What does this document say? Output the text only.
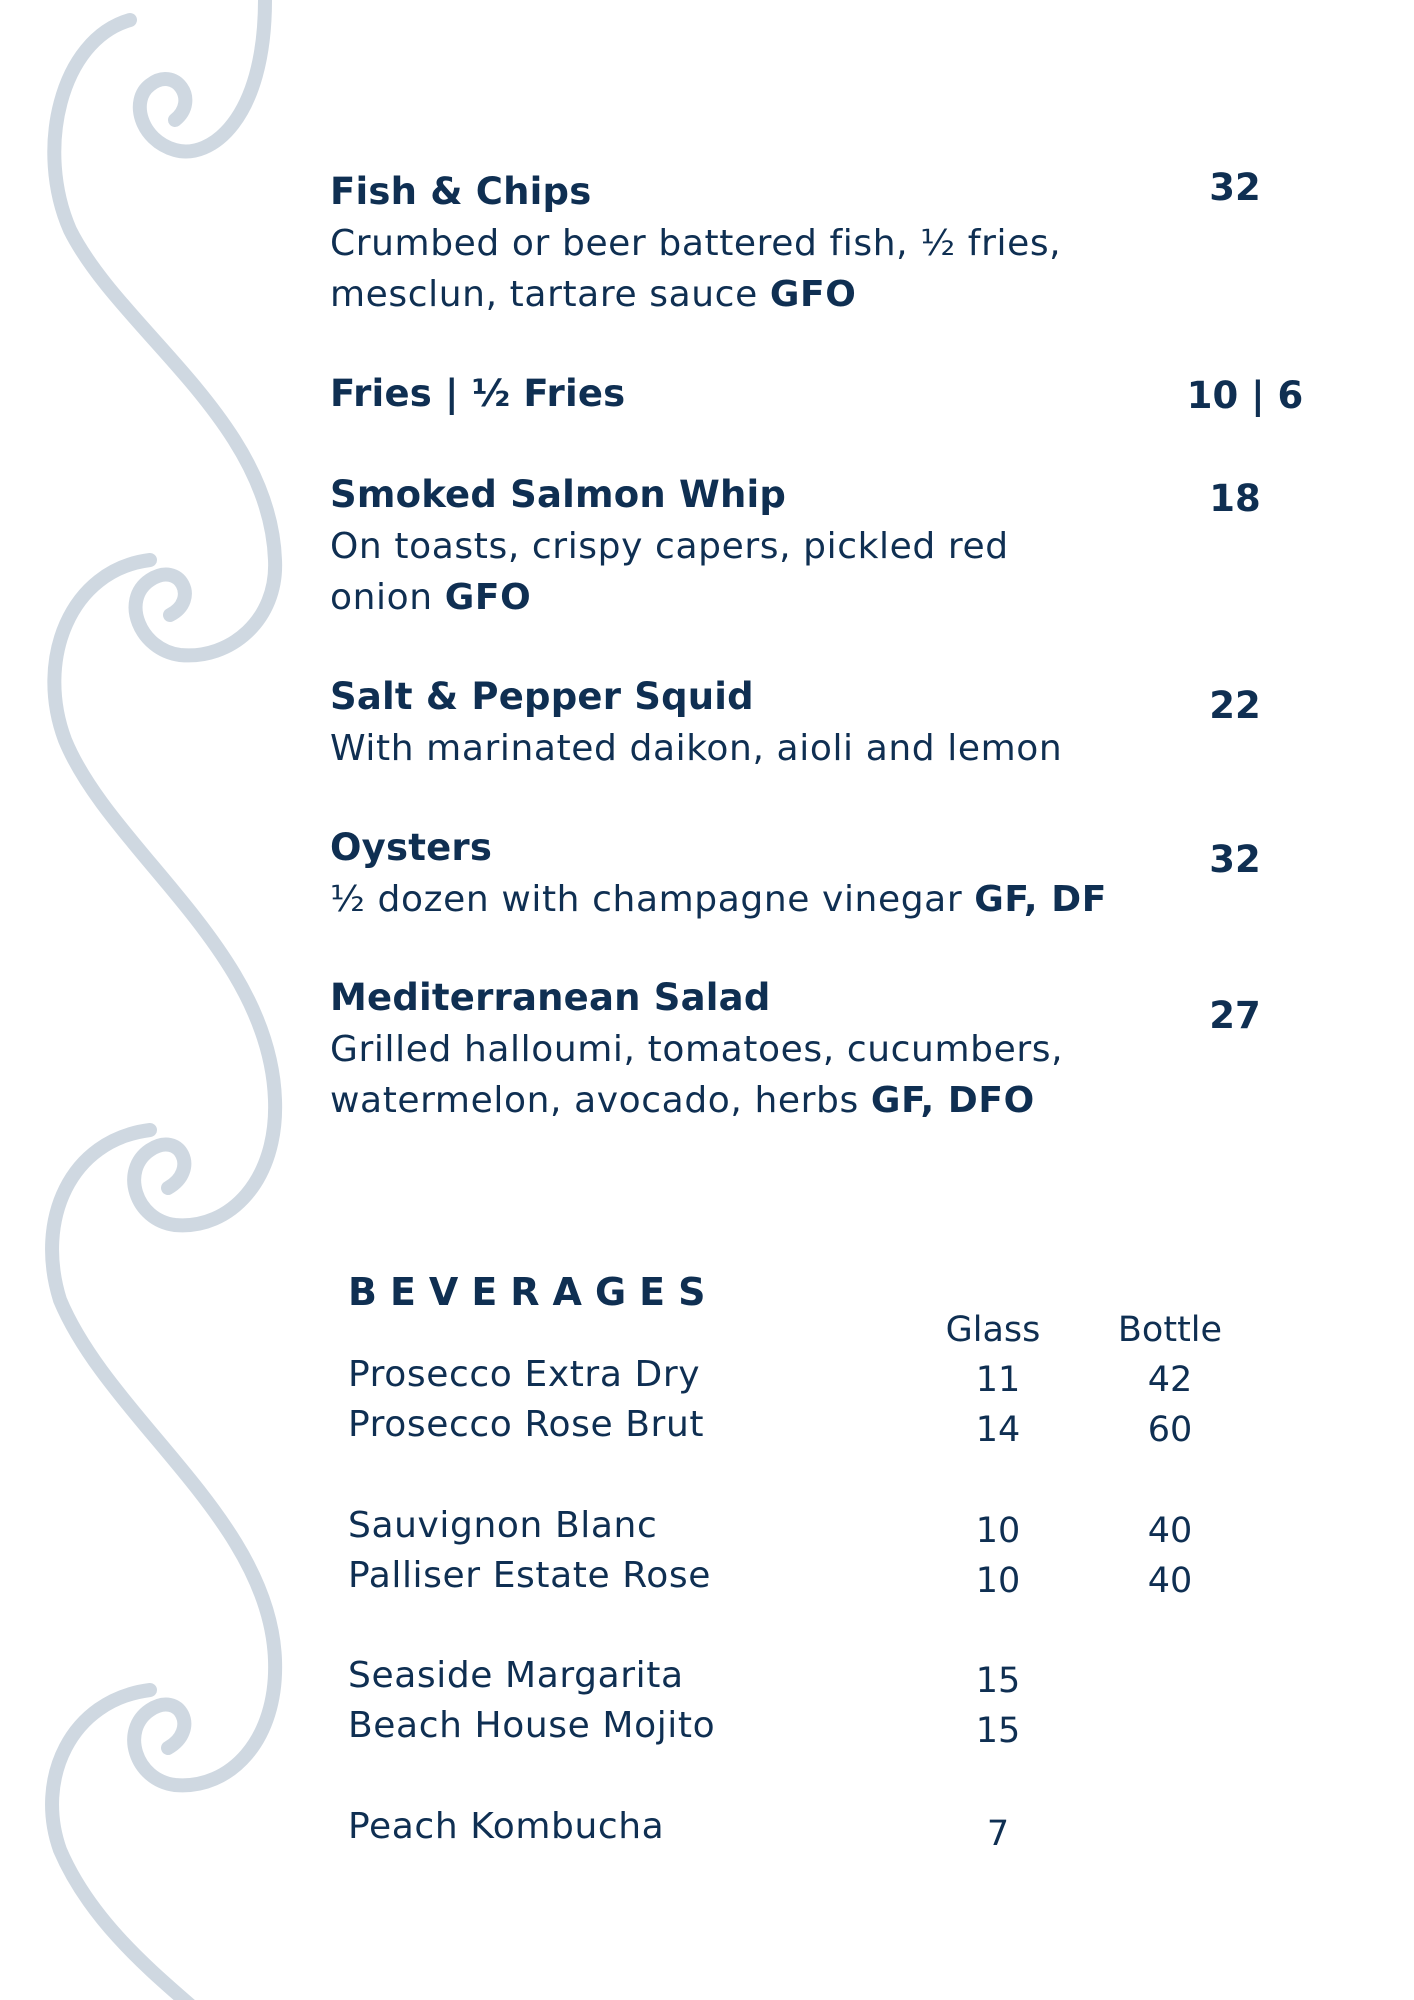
Fish & Chips
Crumbed or beer battered fish, ½ fries,
mesclun, tartare sauce GFO
32
Fries | ½ Fries	10 | 6
Smoked Salmon Whip
On toasts, crispy capers, pickled red
onion GFO
18
Salt & Pepper Squid
With marinated daikon, aioli and lemon
22
Oysters
½ dozen with champagne vinegar GF, DF
32
Mediterranean Salad
Grilled halloumi, tomatoes, cucumbers,
watermelon, avocado, herbs GF, DFO
27
BEVERAGES
Glass	Bottle
Prosecco Extra Dry	11	42
Prosecco Rose Brut	14	60
Sauvignon Blanc	10	40
Palliser Estate Rose	10	40
Seaside Margarita	15
Beach House Mojito	15
Peach Kombucha	7
